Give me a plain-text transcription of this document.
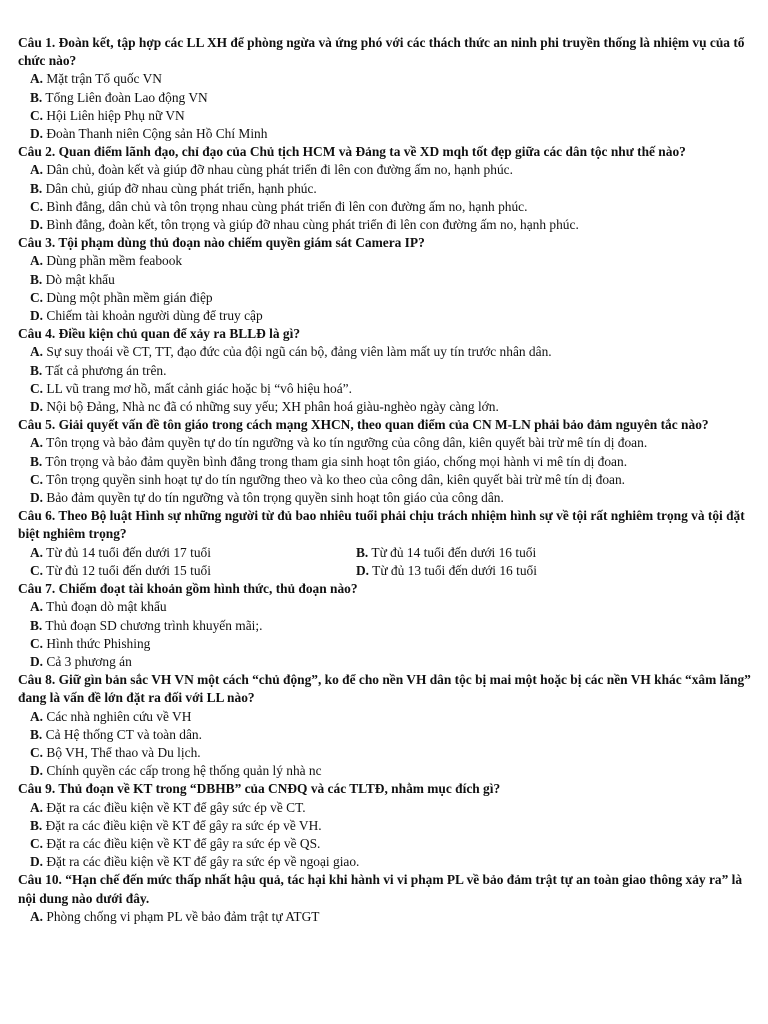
Câu 1. Đoàn kết, tập hợp các LL XH để phòng ngừa và ứng phó với các thách thức an ninh phi truyền thống là nhiệm vụ của tổ chức nào?
A. Mặt trận Tổ quốc VN
B. Tổng Liên đoàn Lao động VN
C. Hội Liên hiệp Phụ nữ VN
D. Đoàn Thanh niên Cộng sản Hồ Chí Minh
Câu 2. Quan điểm lãnh đạo, chỉ đạo của Chủ tịch HCM và Đảng ta về XD mqh tốt đẹp giữa các dân tộc như thế nào?
A. Dân chủ, đoàn kết và giúp đỡ nhau cùng phát triển đi lên con đường ấm no, hạnh phúc.
B. Dân chủ, giúp đỡ nhau cùng phát triển, hạnh phúc.
C. Bình đẳng, dân chủ và tôn trọng nhau cùng phát triển đi lên con đường ấm no, hạnh phúc.
D. Bình đẳng, đoàn kết, tôn trọng và giúp đỡ nhau cùng phát triển đi lên con đường ấm no, hạnh phúc.
Câu 3. Tội phạm dùng thủ đoạn nào chiếm quyền giám sát Camera IP?
A. Dùng phần mềm feabook
B. Dò mật khẩu
C. Dùng một phần mềm gián điệp
D. Chiếm tài khoản người dùng để truy cập
Câu 4. Điều kiện chủ quan để xảy ra BLLĐ là gì?
A. Sự suy thoái về CT, TT, đạo đức của đội ngũ cán bộ, đảng viên làm mất uy tín trước nhân dân.
B. Tất cả phương án trên.
C. LL vũ trang mơ hồ, mất cảnh giác hoặc bị “vô hiệu hoá”.
D. Nội bộ Đảng, Nhà nc đã có những suy yếu; XH phân hoá giàu-nghèo ngày càng lớn.
Câu 5. Giải quyết vấn đề tôn giáo trong cách mạng XHCN, theo quan điểm của CN M-LN phải bảo đảm nguyên tắc nào?
A. Tôn trọng và bảo đảm quyền tự do tín ngưỡng và ko tín ngưỡng của công dân, kiên quyết bài trừ mê tín dị đoan.
B. Tôn trọng và bảo đảm quyền bình đẳng trong tham gia sinh hoạt tôn giáo, chống mọi hành vi mê tín dị đoan.
C. Tôn trọng quyền sinh hoạt tự do tín ngưỡng theo và ko theo của công dân, kiên quyết bài trừ mê tín dị đoan.
D. Bảo đảm quyền tự do tín ngưỡng và tôn trọng quyền sinh hoạt tôn giáo của công dân.
Câu 6. Theo Bộ luật Hình sự những người từ đủ bao nhiêu tuổi phải chịu trách nhiệm hình sự về tội rất nghiêm trọng và tội đặt biệt nghiêm trọng?
A. Từ đủ 14 tuổi đến dưới 17 tuổi	B. Từ đủ 14 tuổi đến dưới 16 tuổi
C. Từ đủ 12 tuổi đến dưới 15 tuổi	D. Từ đủ 13 tuổi đến dưới 16 tuổi
Câu 7. Chiếm đoạt tài khoản gồm hình thức, thủ đoạn nào?
A. Thủ đoạn dò mật khẩu
B. Thủ đoạn SD chương trình khuyến mãi;.
C. Hình thức Phishing
D. Cả 3 phương án
Câu 8. Giữ gìn bản sắc VH VN một cách “chủ động”, ko để cho nền VH dân tộc bị mai một hoặc bị các nền VH khác “xâm lăng” đang là vấn đề lớn đặt ra đối với LL nào?
A. Các nhà nghiên cứu về VH
B. Cả Hệ thống CT và toàn dân.
C. Bộ VH, Thể thao và Du lịch.
D. Chính quyền các cấp trong hệ thống quản lý nhà nc
Câu 9. Thủ đoạn về KT trong “DBHB” của CNĐQ và các TLTĐ, nhằm mục đích gì?
A. Đặt ra các điều kiện về KT để gây sức ép về CT.
B. Đặt ra các điều kiện về KT để gây ra sức ép về VH.
C. Đặt ra các điều kiện về KT để gây ra sức ép về QS.
D. Đặt ra các điều kiện về KT để gây ra sức ép về ngoại giao.
Câu 10. “Hạn chế đến mức thấp nhất hậu quả, tác hại khi hành vi vi phạm PL về bảo đảm trật tự an toàn giao thông xảy ra” là nội dung nào dưới đây.
A. Phòng chống vi phạm PL về bảo đảm trật tự ATGT
